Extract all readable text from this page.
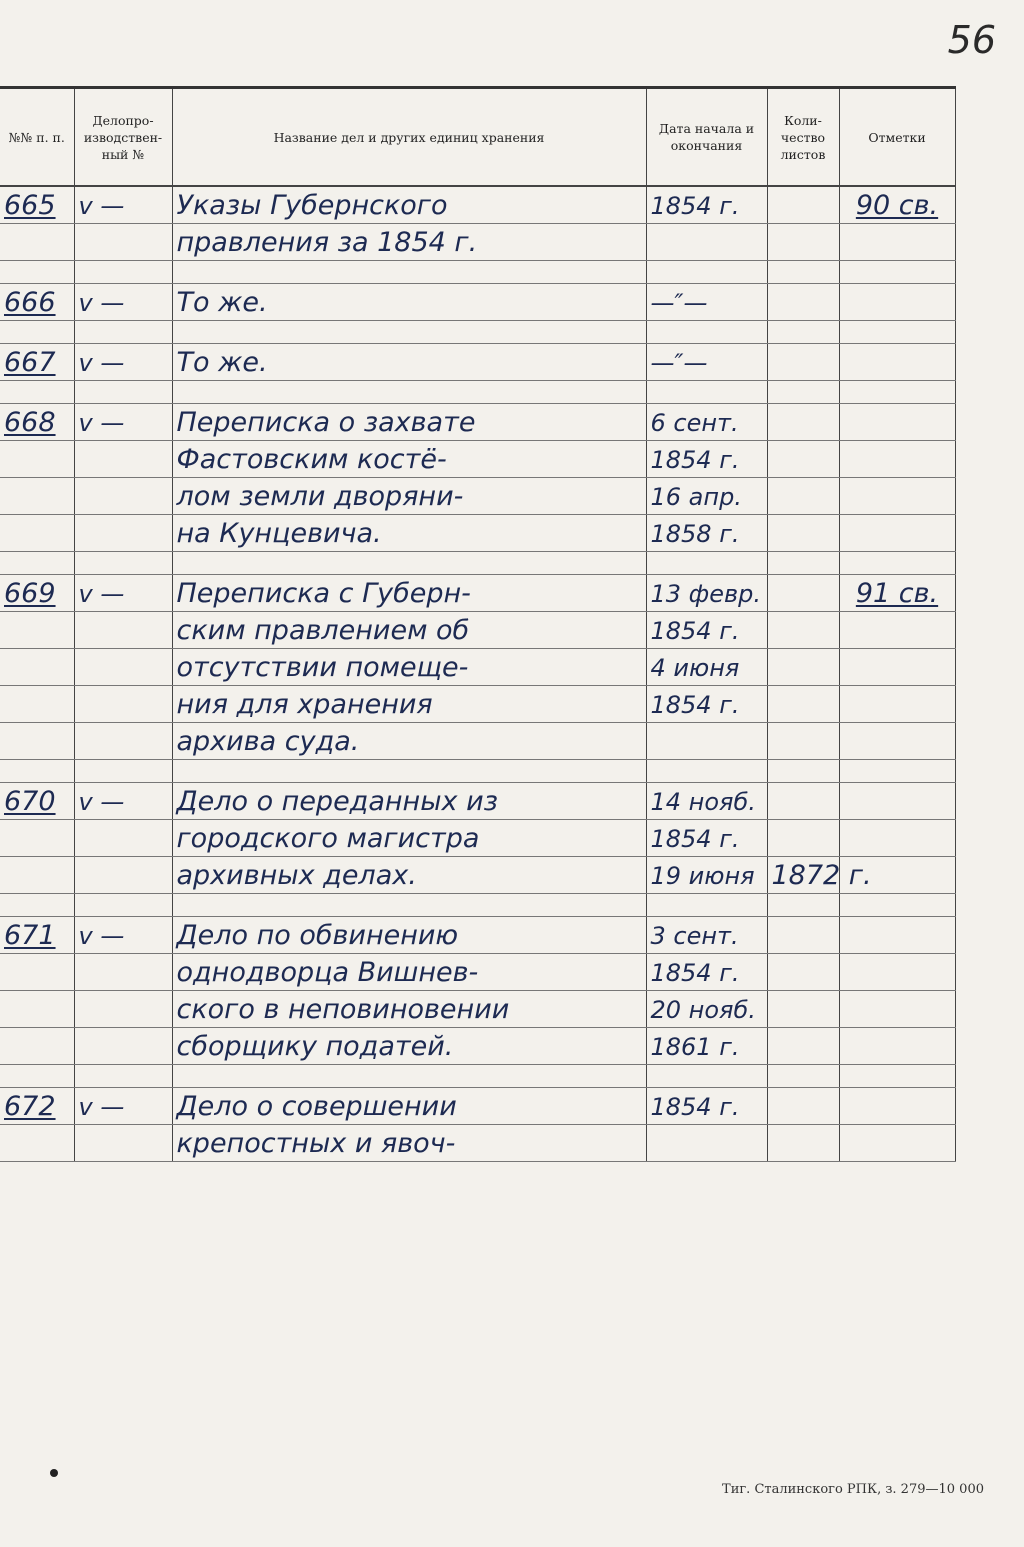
56
№№ п. п.	Делопро- изводствен- ный №	Название дел и других единиц хранения	Дата начала и окончания	Коли- чество листов	Отметки
665	v —	Указы Губернского	1854 г.		90 св.
		правления за 1854 г.			

666	v —	То же.	—″—		

667	v —	То же.	—″—		

668	v —	Переписка о захвате	6 сент.		
		Фастовским костё-	1854 г.		
		лом земли дворяни-	16 апр.		
		на Кунцевича.	1858 г.		

669	v —	Переписка с Губерн-	13 февр.		91 св.
		ским правлением об	1854 г.		
		отсутствии помеще-	4 июня		
		ния для хранения	1854 г.		
		архива суда.			

670	v —	Дело о переданных из	14 нояб.		
		городского магистра	1854 г.		
		архивных делах.	19 июня	1872 г.	

671	v —	Дело по обвинению	3 сент.		
		однодворца Вишнев-	1854 г.		
		ского в неповиновении	20 нояб.		
		сборщику податей.	1861 г.		

672	v —	Дело о совершении	1854 г.		
		крепостных и явоч-			
Тиг. Сталинского РПК, з. 279—10 000
